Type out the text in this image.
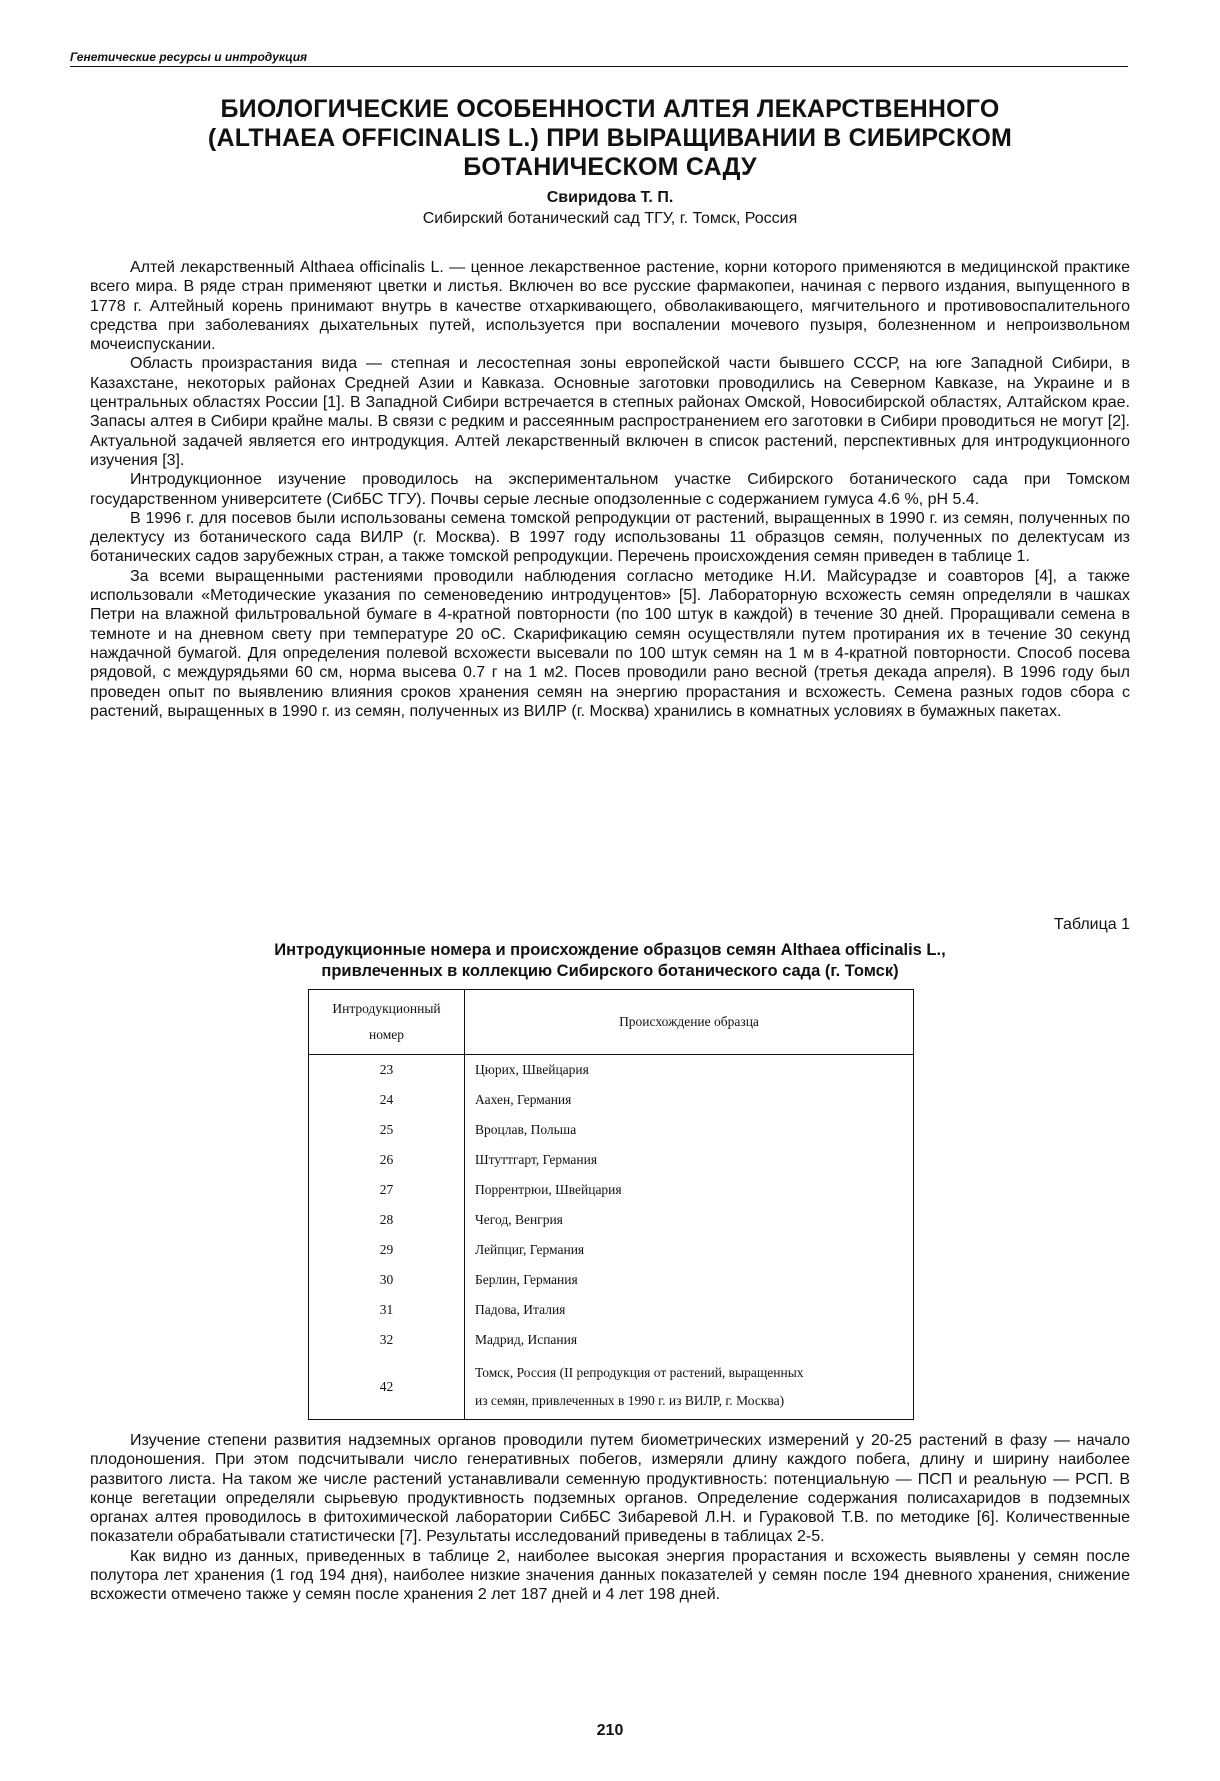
Генетические ресурсы и интродукция
БИОЛОГИЧЕСКИЕ ОСОБЕННОСТИ АЛТЕЯ ЛЕКАРСТВЕННОГО
(ALTHAEA OFFICINALIS L.) ПРИ ВЫРАЩИВАНИИ В СИБИРСКОМ
БОТАНИЧЕСКОМ САДУ
Свиридова Т. П.
Сибирский ботанический сад ТГУ, г. Томск, Россия

Алтей лекарственный Althaea officinalis L. — ценное лекарственное растение, корни которого применяются в медицинской практике всего мира. В ряде стран применяют цветки и листья. Включен во все русские фармакопеи, начиная с первого издания, выпущенного в 1778 г. Алтейный корень принимают внутрь в качестве отхаркивающего, обволакивающего, мягчительного и противовоспалительного средства при заболеваниях дыхательных путей, используется при воспалении мочевого пузыря, болезненном и непроизвольном мочеиспускании.

Область произрастания вида — степная и лесостепная зоны европейской части бывшего СССР, на юге Западной Сибири, в Казахстане, некоторых районах Средней Азии и Кавказа. Основные заготовки проводились на Северном Кавказе, на Украине и в центральных областях России [1]. В Западной Сибири встречается в степных районах Омской, Новосибирской областях, Алтайском крае. Запасы алтея в Сибири крайне малы. В связи с редким и рассеянным распространением его заготовки в Сибири проводиться не могут [2]. Актуальной задачей является его интродукция. Алтей лекарственный включен в список растений, перспективных для интродукционного изучения [3].

Интродукционное изучение проводилось на экспериментальном участке Сибирского ботанического сада при Томском государственном университете (СибБС ТГУ). Почвы серые лесные оподзоленные с содержанием гумуса 4.6 %, pH 5.4.

В 1996 г. для посевов были использованы семена томской репродукции от растений, выращенных в 1990 г. из семян, полученных по делектусу из ботанического сада ВИЛР (г. Москва). В 1997 году использованы 11 образцов семян, полученных по делектусам из ботанических садов зарубежных стран, а также томской репродукции. Перечень происхождения семян приведен в таблице 1.

За всеми выращенными растениями проводили наблюдения согласно методике Н.И. Майсурадзе и соавторов [4], а также использовали «Методические указания по семеноведению интродуцентов» [5]. Лабораторную всхожесть семян определяли в чашках Петри на влажной фильтровальной бумаге в 4-кратной повторности (по 100 штук в каждой) в течение 30 дней. Проращивали семена в темноте и на дневном свету при температуре 20 оС. Скарификацию семян осуществляли путем протирания их в течение 30 секунд наждачной бумагой. Для определения полевой всхожести высевали по 100 штук семян на 1 м в 4-кратной повторности. Способ посева рядовой, с междурядьями 60 см, норма высева 0.7 г на 1 м2. Посев проводили рано весной (третья декада апреля). В 1996 году был проведен опыт по выявлению влияния сроков хранения семян на энергию прорастания и всхожесть. Семена разных годов сбора с растений, выращенных в 1990 г. из семян, полученных из ВИЛР (г. Москва) хранились в комнатных условиях в бумажных пакетах.

Таблица 1
Интродукционные номера и происхождение образцов семян Althaea officinalis L.,
привлеченных в коллекцию Сибирского ботанического сада (г. Томск)
Интродукционный
номер	Происхождение образца
23	Цюрих, Швейцария
24	Аахен, Германия
25	Вроцлав, Польша
26	Штуттгарт, Германия
27	Поррентрюи, Швейцария
28	Чегод, Венгрия
29	Лейпциг, Германия
30	Берлин, Германия
31	Падова, Италия
32	Мадрид, Испания
42	Томск, Россия (II репродукция от растений, выращенных
из семян, привлеченных в 1990 г. из ВИЛР, г. Москва)

Изучение степени развития надземных органов проводили путем биометрических измерений у 20-25 растений в фазу — начало плодоношения. При этом подсчитывали число генеративных побегов, измеряли длину каждого побега, длину и ширину наиболее развитого листа. На таком же числе растений устанавливали семенную продуктивность: потенциальную — ПСП и реальную — РСП. В конце вегетации определяли сырьевую продуктивность подземных органов. Определение содержания полисахаридов в подземных органах алтея проводилось в фитохимической лаборатории СибБС Зибаревой Л.Н. и Гураковой Т.В. по методике [6]. Количественные показатели обрабатывали статистически [7]. Результаты исследований приведены в таблицах 2-5.

Как видно из данных, приведенных в таблице 2, наиболее высокая энергия прорастания и всхожесть выявлены у семян после полутора лет хранения (1 год 194 дня), наиболее низкие значения данных показателей у семян после 194 дневного хранения, снижение всхожести отмечено также у семян после хранения 2 лет 187 дней и 4 лет 198 дней.

210
